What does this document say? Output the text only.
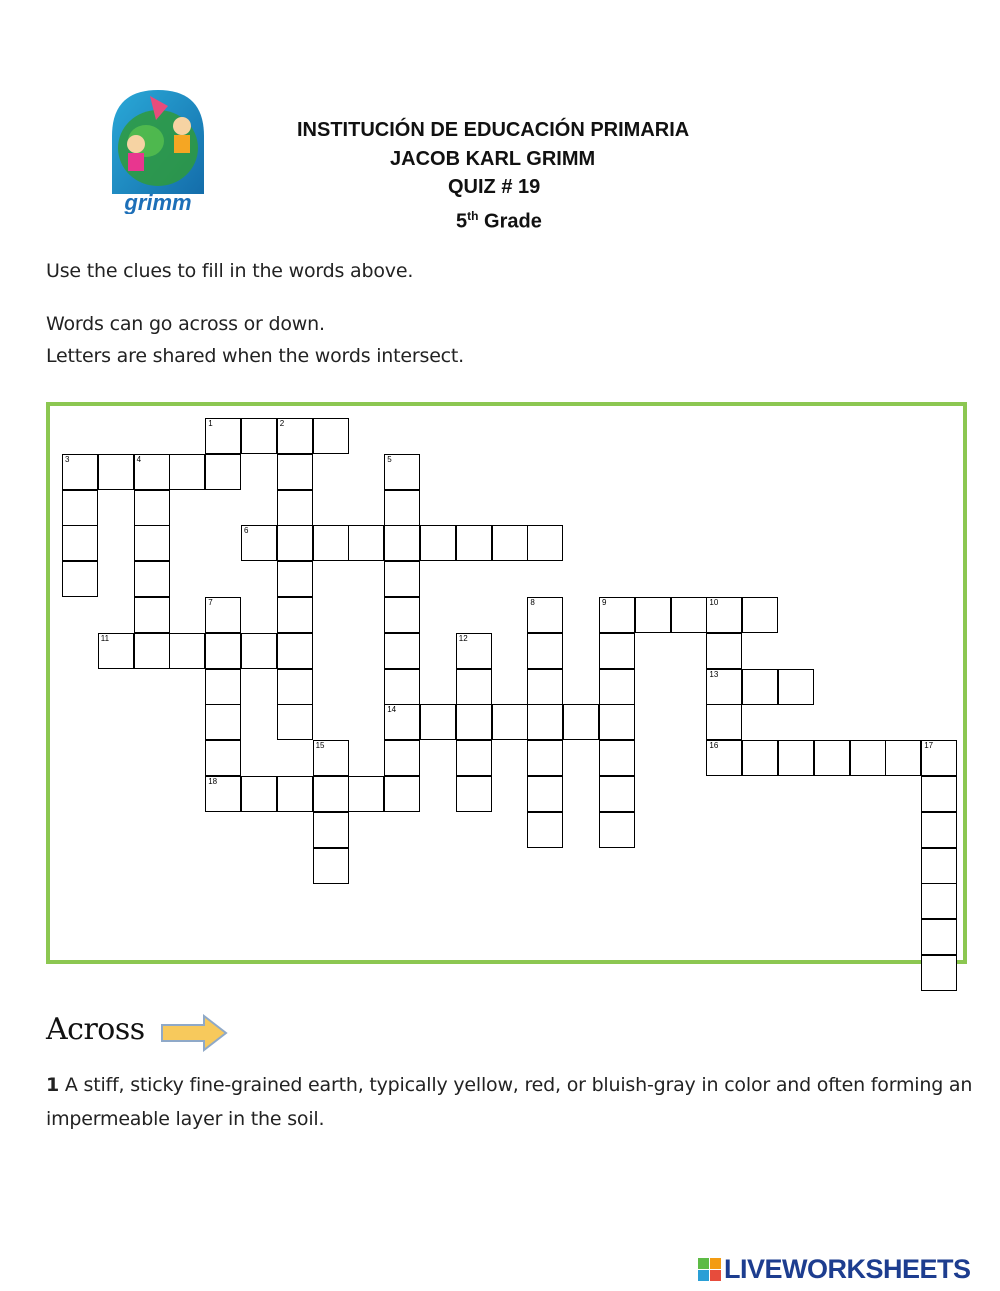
grimm
INSTITUCIÓN DE EDUCACIÓN PRIMARIA
JACOB KARL GRIMM
QUIZ # 19
5th Grade
Use the clues to fill in the words above.
Words can go across or down.
Letters are shared when the words intersect.
1	2
3	4	5
14
6
7
18
8	9	10
13
11	12
15	16	17
Across
1 A stiff, sticky fine-grained earth, typically yellow, red, or bluish-gray in color and often forming an impermeable layer in the soil.
LIVEWORKSHEETS
